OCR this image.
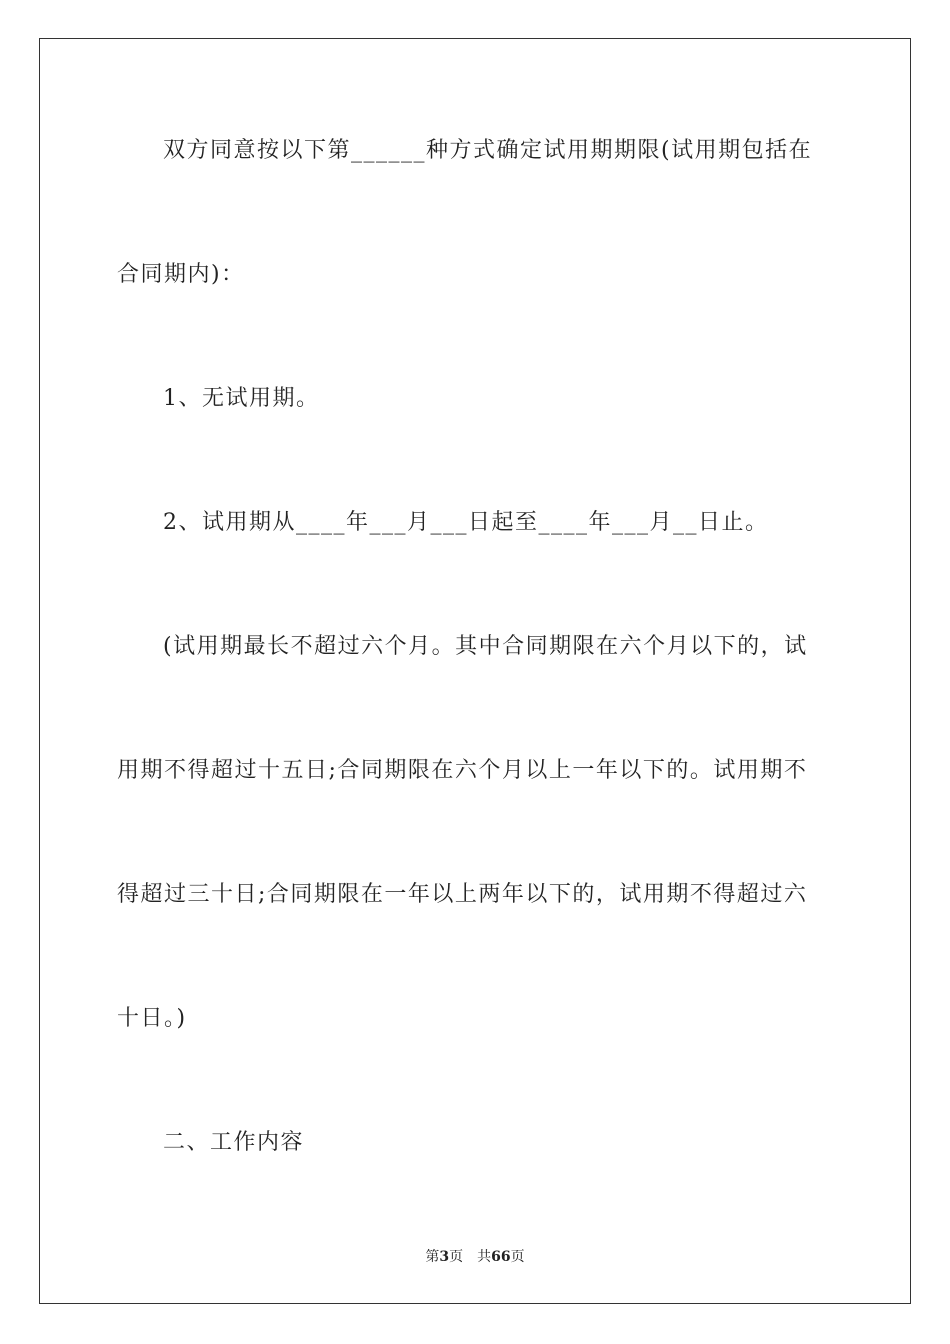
双方同意按以下第______种方式确定试用期期限(试用期包括在
合同期内)：
1、无试用期。
2、试用期从____年___月___日起至____年___月__日止。
(试用期最长不超过六个月。其中合同期限在六个月以下的，试
用期不得超过十五日;合同期限在六个月以上一年以下的。试用期不
得超过三十日;合同期限在一年以上两年以下的，试用期不得超过六
十日。)
二、工作内容
第3页 共66页
